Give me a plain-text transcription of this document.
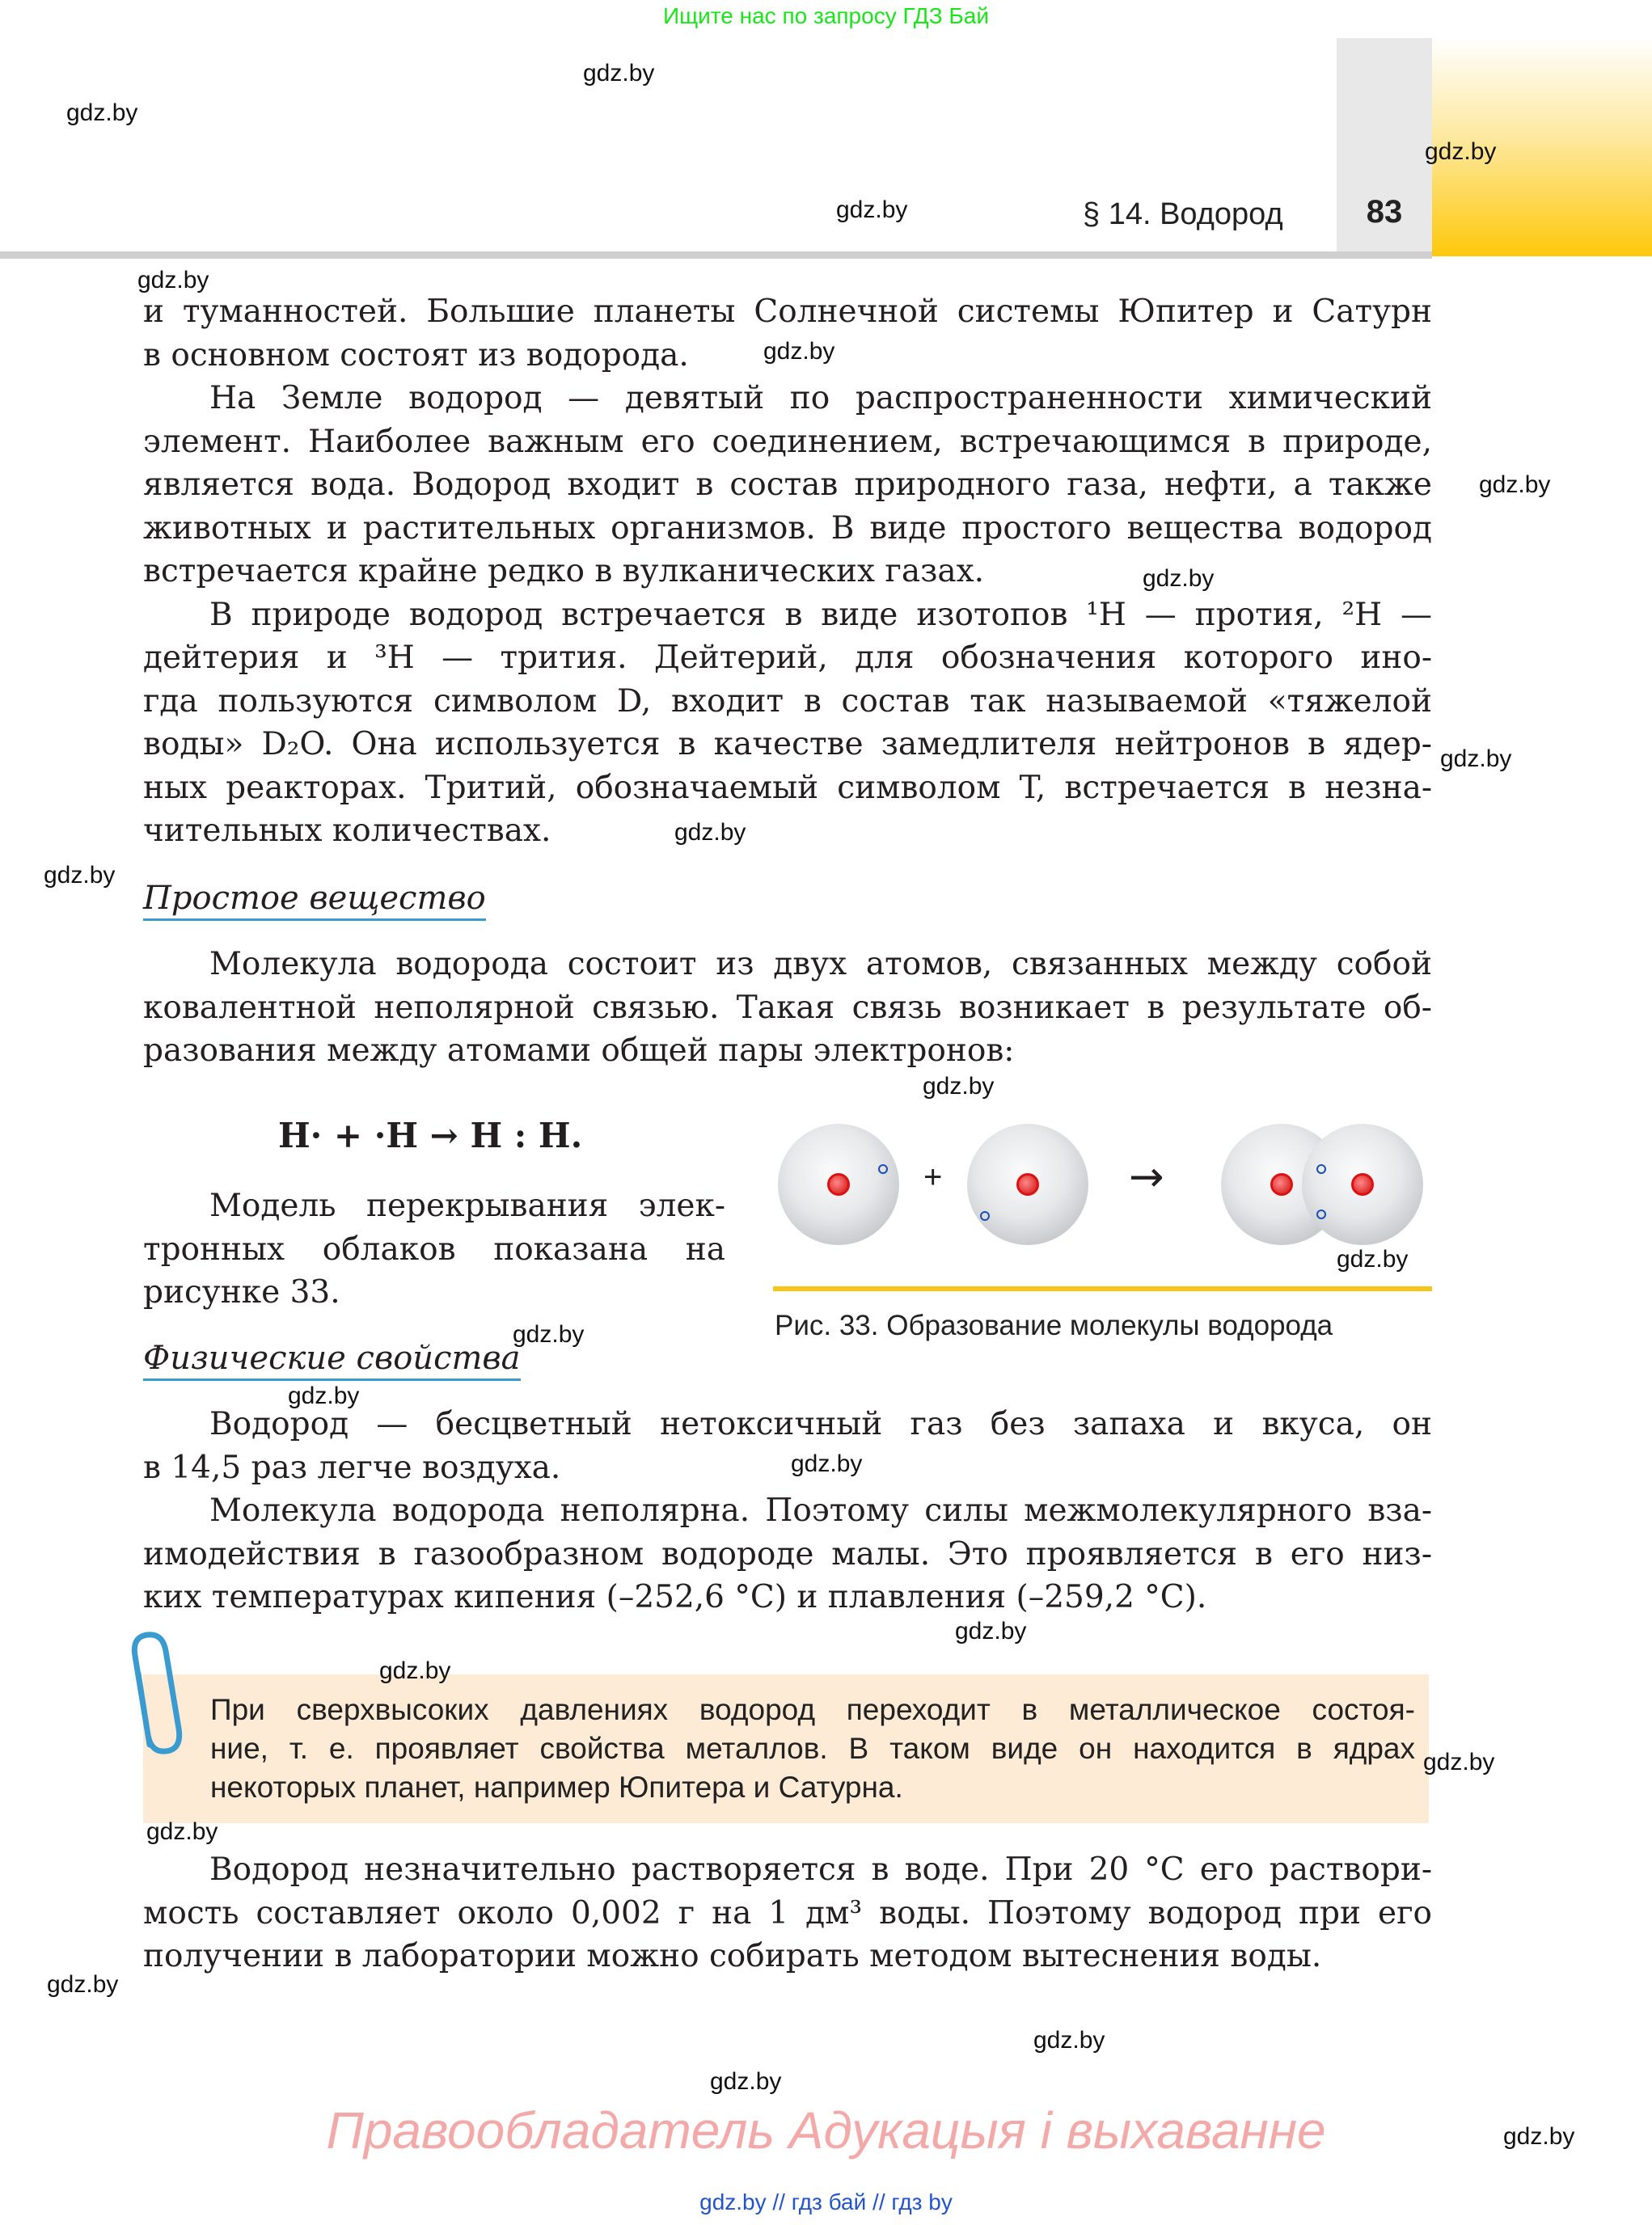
Ищите нас по запросу ГДЗ Бай
§ 14. Водород	83
и туманностей. Большие планеты Солнечной системы Юпитер и Сатурн
в основном состоят из водорода.
На Земле водород — девятый по распространенности химический
элемент. Наиболее важным его соединением, встречающимся в природе,
является вода. Водород входит в состав природного газа, нефти, а также
животных и растительных организмов. В виде простого вещества водород
встречается крайне редко в вулканических газах.
В природе водород встречается в виде изотопов ¹H — протия, ²H —
дейтерия и ³H — трития. Дейтерий, для обозначения которого ино-
гда пользуются символом D, входит в состав так называемой «тяжелой
воды» D₂O. Она используется в качестве замедлителя нейтронов в ядер-
ных реакторах. Тритий, обозначаемый символом T, встречается в незна-
чительных количествах.
Простое вещество
Молекула водорода состоит из двух атомов, связанных между собой
ковалентной неполярной связью. Такая связь возникает в результате об-
разования между атомами общей пары электронов:
H· + ·H → H : H.
Модель перекрывания элек-
тронных облаков показана на
рисунке 33.
+	→
Рис. 33. Образование молекулы водорода
Физические свойства
Водород — бесцветный нетоксичный газ без запаха и вкуса, он
в 14,5 раз легче воздуха.
Молекула водорода неполярна. Поэтому силы межмолекулярного вза-
имодействия в газообразном водороде малы. Это проявляется в его низ-
ких температурах кипения (–252,6 °C) и плавления (–259,2 °C).
При сверхвысоких давлениях водород переходит в металлическое состоя-
ние, т. е. проявляет свойства металлов. В таком виде он находится в ядрах
некоторых планет, например Юпитера и Сатурна.
Водород незначительно растворяется в воде. При 20 °C его раствори-
мость составляет около 0,002 г на 1 дм³ воды. Поэтому водород при его
получении в лаборатории можно собирать методом вытеснения воды.
Правообладатель Адукацыя і выхаванне
gdz.by // гдз бай // гдз by
gdz.by
gdz.by
gdz.by
gdz.by
gdz.by
gdz.by
gdz.by
gdz.by
gdz.by
gdz.by
gdz.by
gdz.by
gdz.by
gdz.by
gdz.by
gdz.by
gdz.by
gdz.by
gdz.by
gdz.by
gdz.by
gdz.by
gdz.by
gdz.by
